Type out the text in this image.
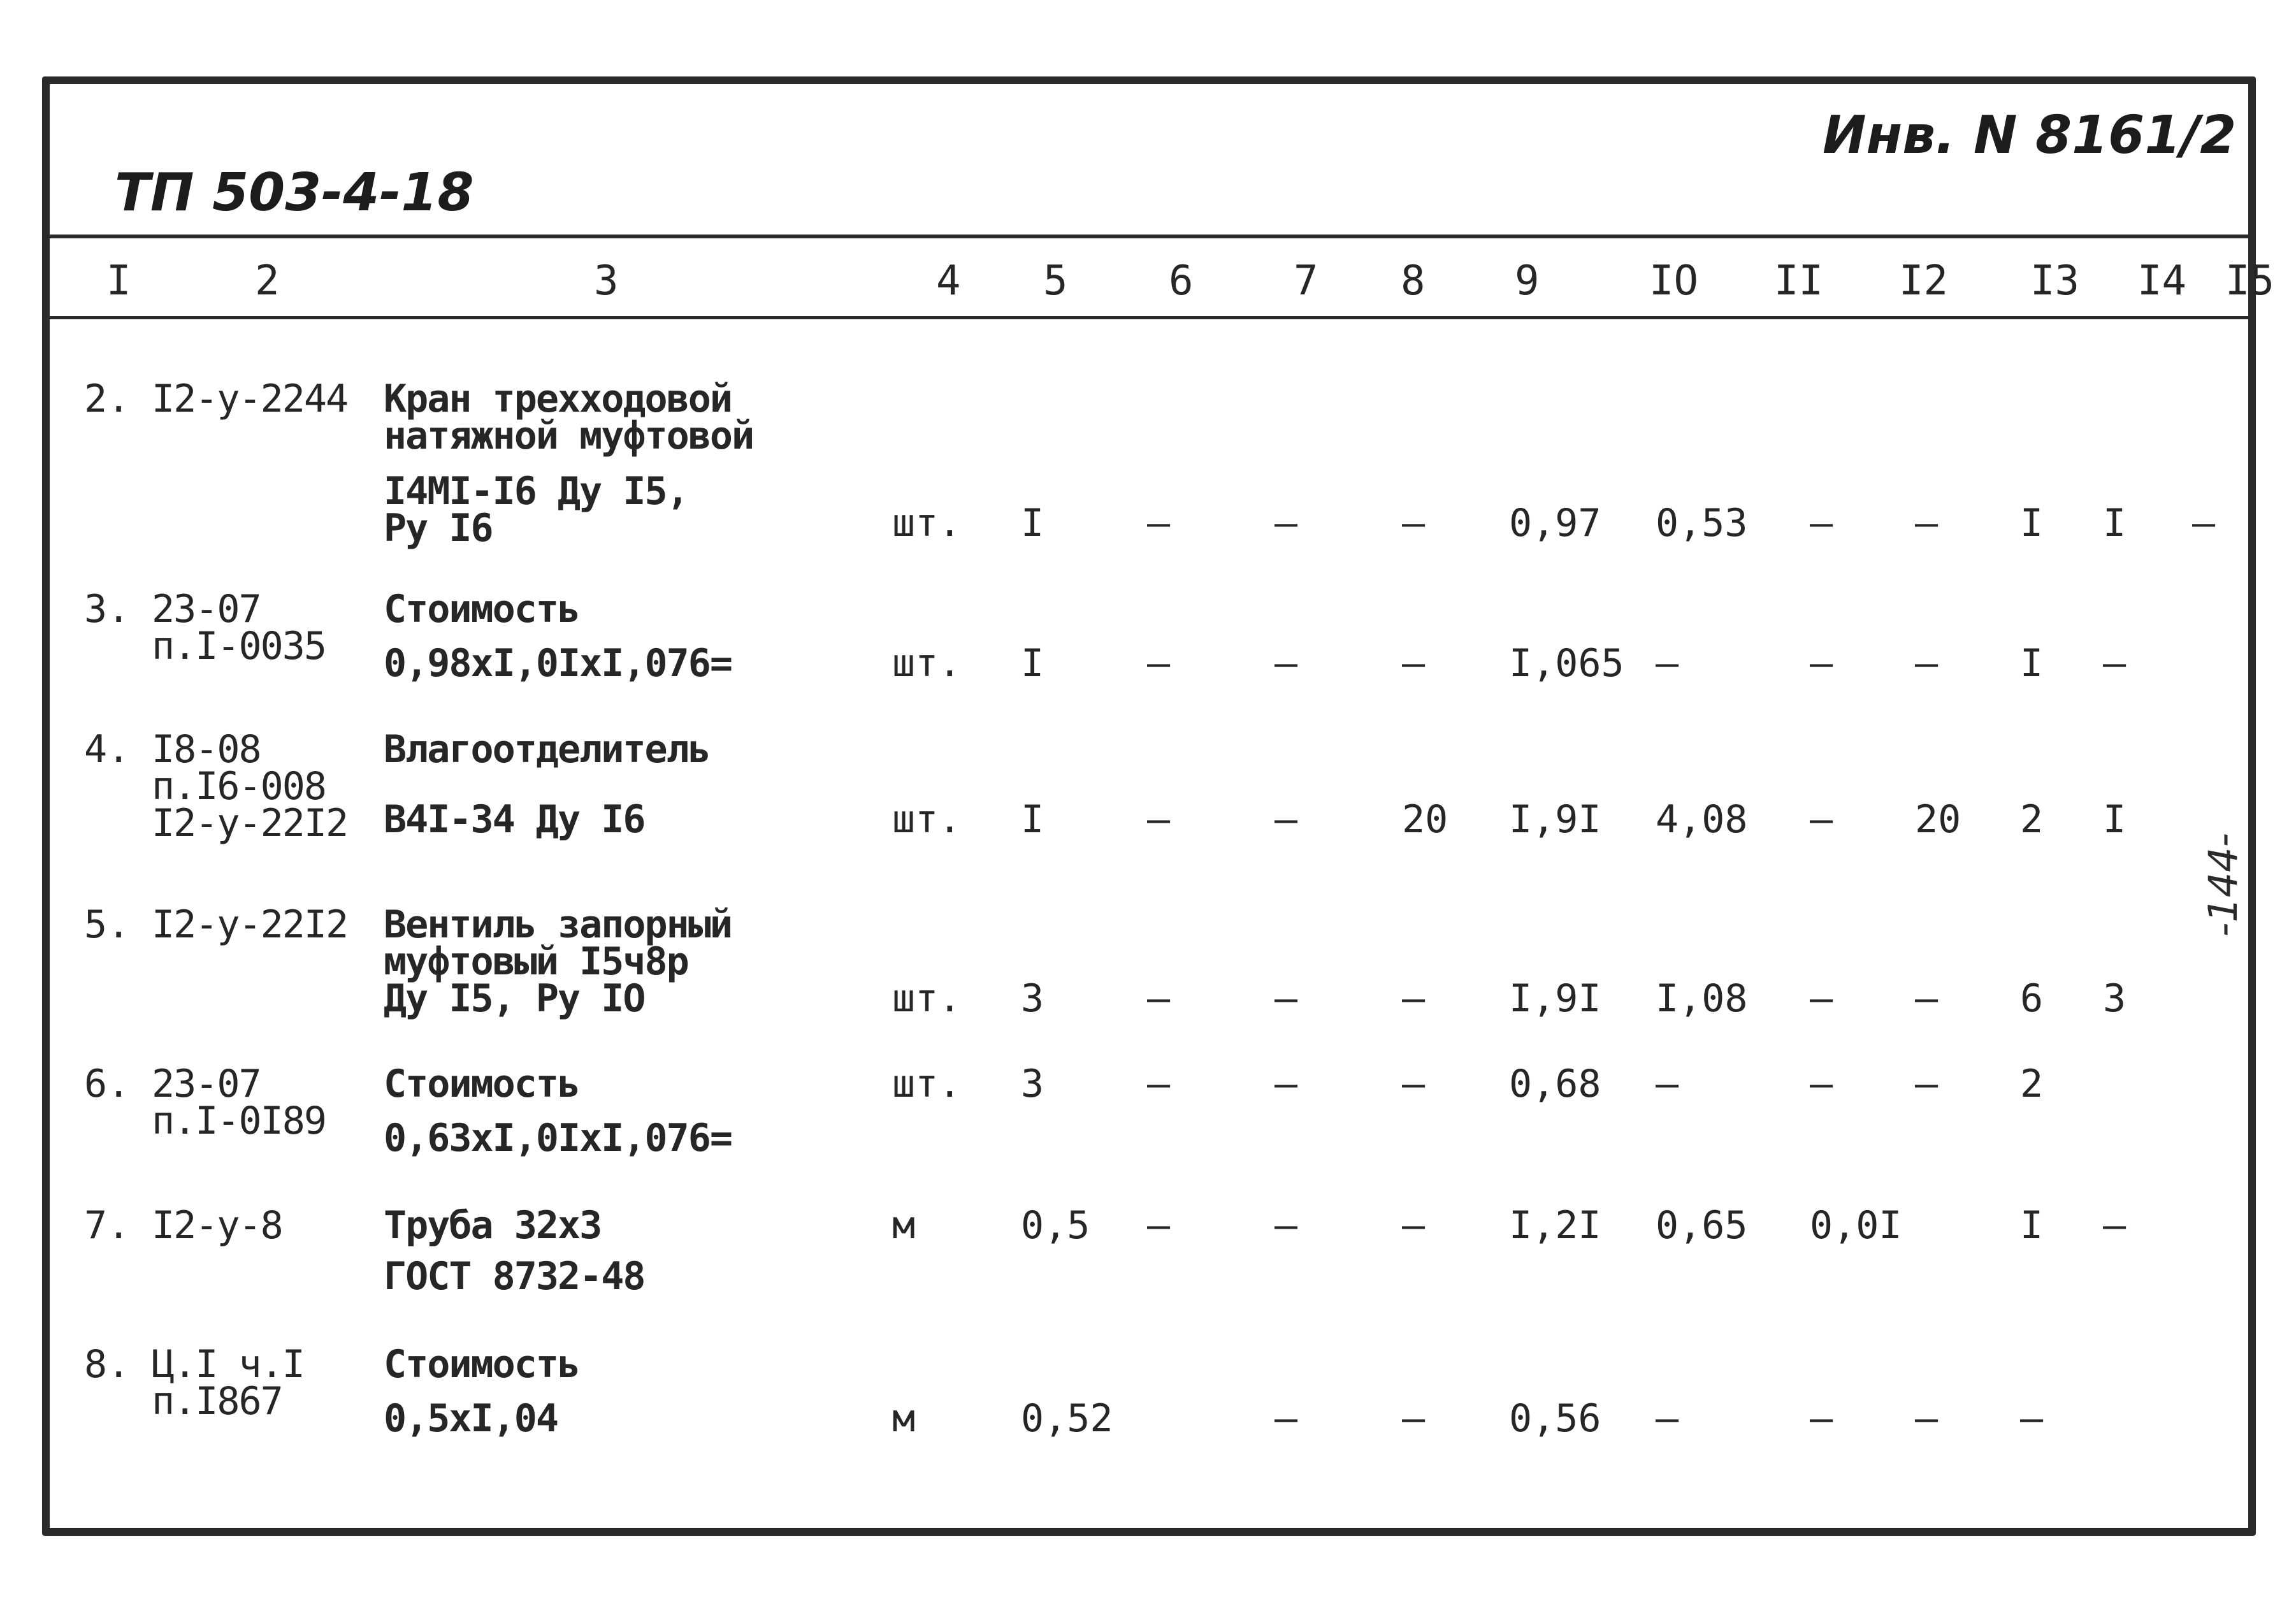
ТП 503-4-18
Инв. N 8161/2
I	2	3	4 5 6 7 8 9	IO II I2 I3 I4 I5
2. I2-у-2244 Кран трехходовой
натяжной муфтовой
I4МI-I6 Ду I5,
Ру I6	шт. I	–	–	– 0,97 0,53 – – I I –
3. 23-07
п.I-0035
Стоимость
0,98хI,0IхI,076=	шт. I	–	–	– I,065 –	– – I –
4. I8-08
п.I6-008
I2-у-22I2
Влагоотделитель
В4I-34 Ду I6	шт. I	–	–	20 I,9I 4,08 – 20 2 I
5. I2-у-22I2 Вентиль запорный
муфтовый I5ч8р
Ду I5, Ру IО	шт. 3	–	–	– I,9I I,08 – – 6 3
6. 23-07
п.I-0I89
Стоимость
0,63хI,0IхI,076=
шт. 3	–	–	– 0,68 –	– – 2
7. I2-у-8	Труба 32х3
ГОСТ 8732-48
м	0,5 –	–	– I,2I 0,65 0,0I	I –
8. Ц.I ч.I
п.I867
Стоимость
0,5хI,04	м	0,52	–	– 0,56 –	– – –
-144-
